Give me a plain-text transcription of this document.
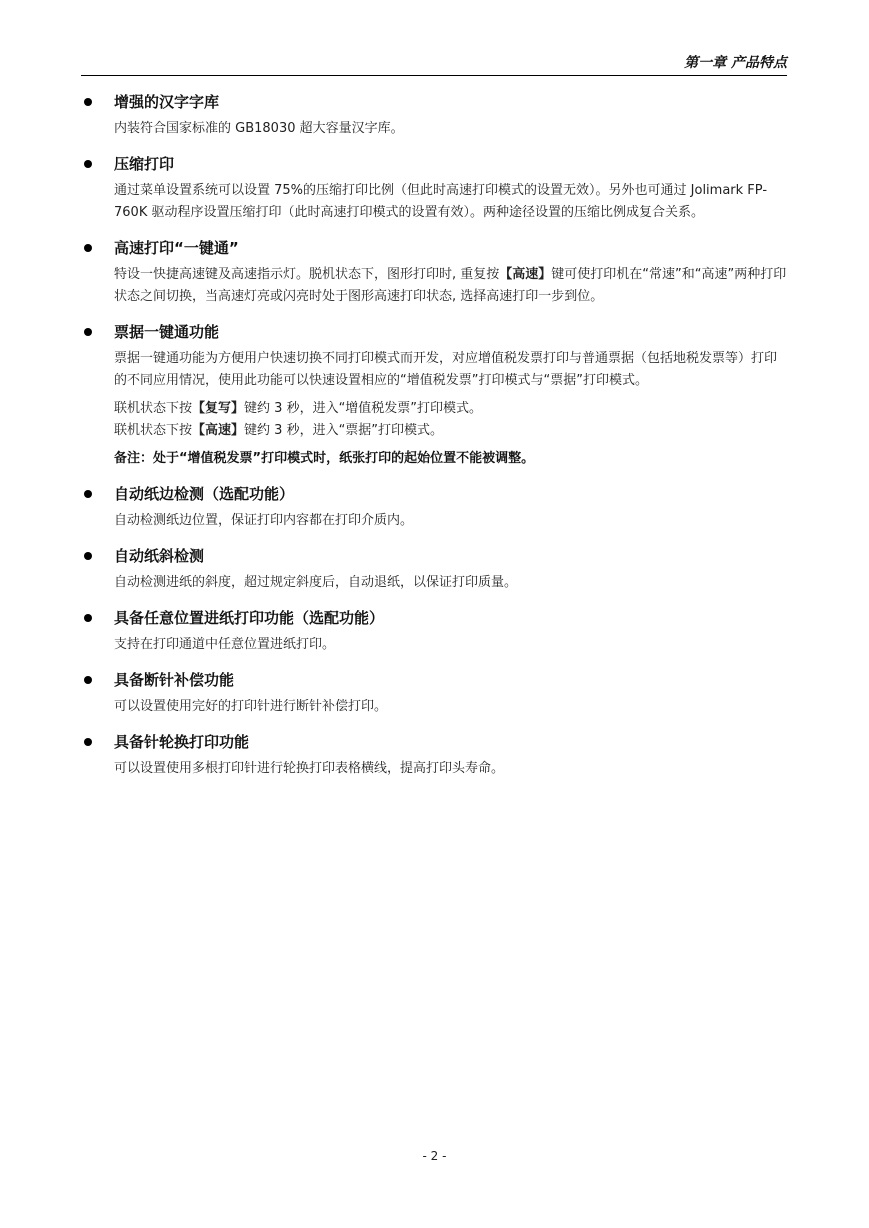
第一章 产品特点
增强的汉字字库

内装符合国家标准的 GB18030 超大容量汉字库。

压缩打印

通过菜单设置系统可以设置 75%的压缩打印比例（但此时高速打印模式的设置无效）。另外也可通过 Jolimark FP-760K 驱动程序设置压缩打印（此时高速打印模式的设置有效）。两种途径设置的压缩比例成复合关系。

高速打印“一键通”

特设一快捷高速键及高速指示灯。脱机状态下，图形打印时, 重复按【高速】键可使打印机在“常速”和“高速”两种打印状态之间切换，当高速灯亮或闪亮时处于图形高速打印状态, 选择高速打印一步到位。

票据一键通功能

票据一键通功能为方便用户快速切换不同打印模式而开发，对应增值税发票打印与普通票据（包括地税发票等）打印的不同应用情况，使用此功能可以快速设置相应的“增值税发票”打印模式与“票据”打印模式。

联机状态下按【复写】键约 3 秒，进入“增值税发票”打印模式。
联机状态下按【高速】键约 3 秒，进入“票据”打印模式。

备注：处于“增值税发票”打印模式时，纸张打印的起始位置不能被调整。

自动纸边检测（选配功能）

自动检测纸边位置，保证打印内容都在打印介质内。

自动纸斜检测

自动检测进纸的斜度，超过规定斜度后，自动退纸，以保证打印质量。

具备任意位置进纸打印功能（选配功能）

支持在打印通道中任意位置进纸打印。

具备断针补偿功能

可以设置使用完好的打印针进行断针补偿打印。

具备针轮换打印功能

可以设置使用多根打印针进行轮换打印表格横线，提高打印头寿命。

- 2 -
